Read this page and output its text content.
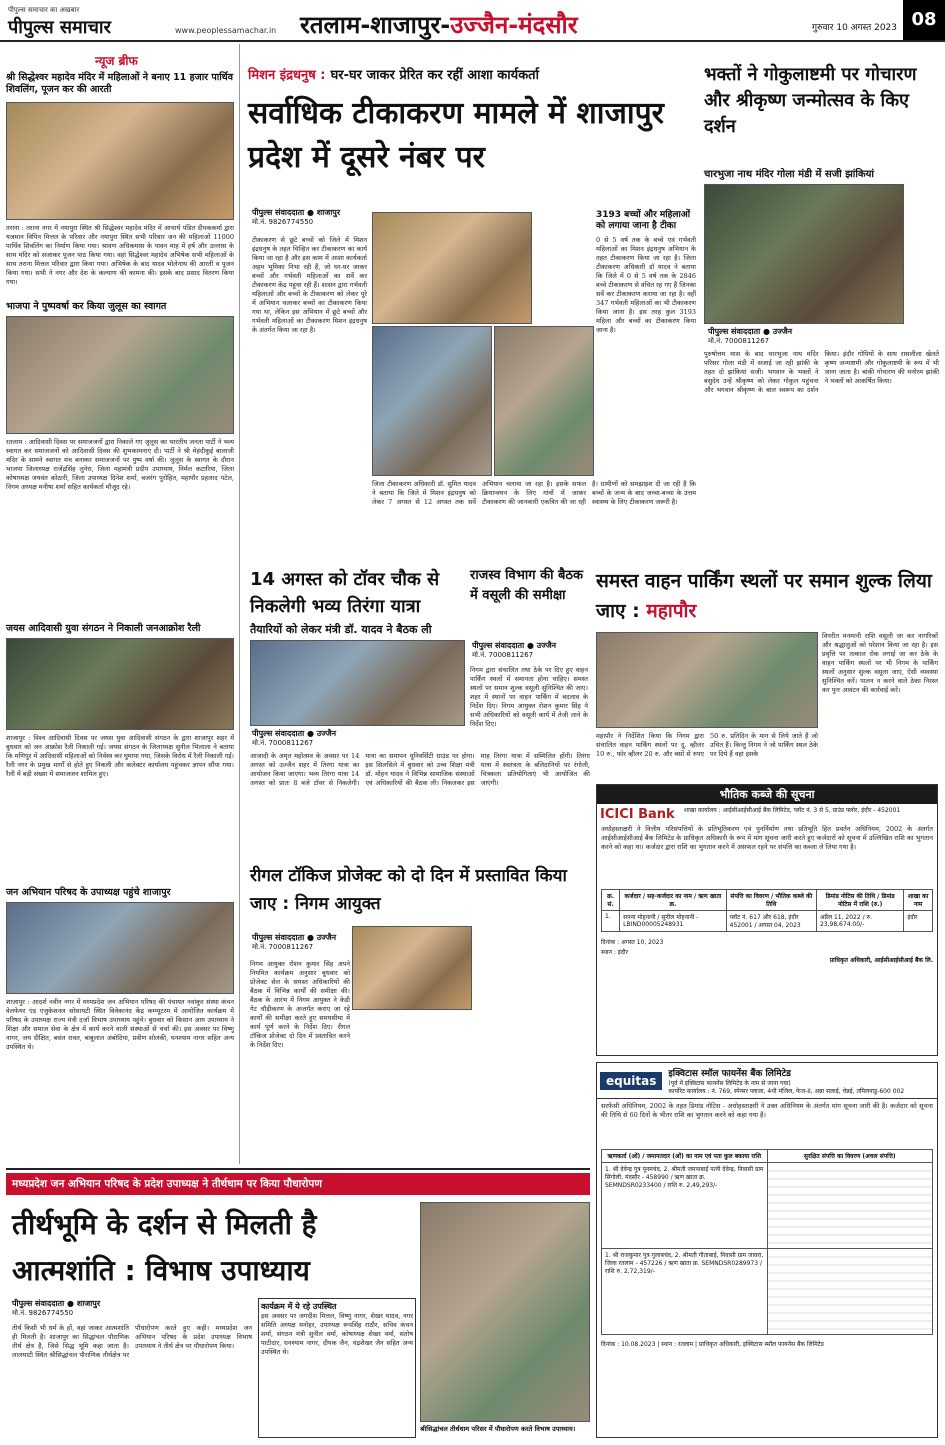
पीपुल्स समाचार का अखबार
पीपुल्स समाचार	www.peoplessamachar.in रतलाम-शाजापुर-उज्जैन-मंदसौर	गुरुवार 10 अगस्त 2023 08
न्यूज ब्रीफ
श्री सिद्धेश्वर महादेव मंदिर में महिलाओं ने बनाए 11 हजार पार्थिव शिवलिंग, पूजन कर की आरती
तराना : तराना नगर में नयापुरा स्थित श्री सिद्धेश्वर महादेव मंदिर में आचार्य पंडित दीपककर्मा द्वारा यजमान विपिन मित्तल के परिवार और नयापुरा स्थित सभी परिवार जन की महिलाओं 11000 पार्थिव शिवलिंग का निर्माण किया गया। श्रावण अधिकमास के पावन माह में हर्ष और उल्लास के साथ मंदिर को सजाकर पूजन पाठ किया गया। वहां सिद्धेश्वर महादेव अभिषेक सभी महिलाओं के साथ तराना मित्तल परिवार द्वारा किया गया। अभिषेक के बाद यादव भोलेनाथ की आरती व पूजन किया गया। सभी ने नगर और देश के कल्याण की कामना की। इसके बाद प्रसाद वितरण किया गया।
भाजपा ने पुष्पवर्षा कर किया जुलूस का स्वागत
रतलाम : आदिवासी दिवस पर समाजजनों द्वारा निकाले गए जुलूस का भारतीय जनता पार्टी ने भव्य स्वागत कर समाजजनों को आदिवासी दिवस की शुभकामनाएं दी। पार्टी ने श्री मेहंदीकुई बालाजी मंदिर के सामने स्वागत मंच बनाकर समाजजनों पर पुष्प वर्षा की। जुलूस के स्वागत के दौरान भाजपा जिलाध्यक्ष राजेंद्रसिंह लुनेरा, जिला महामंत्री प्रदीप उपाध्याय, निर्मल कटारिया, जिला कोषाध्यक्ष जयवंत कोठारी, जिला उपाध्यक्ष दिनेश शर्मा, बजरंग पुरोहित, महापौर प्रहलाद पटेल, निगम अध्यक्ष मनीषा शर्मा सहित कार्यकर्ता मौजूद रहे।
जयस आदिवासी युवा संगठन ने निकाली जनआक्रोश रैली
शाजापुर : विश्व आदिवासी दिवस पर जयस युवा आदिवासी संगठन के द्वारा शाजापुर शहर में बुधवार को जन आक्रोश रैली निकाली गई। जयस संगठन के जिलाध्यक्ष सुनील भिलाला ने बताया कि मणिपुर में आदिवासी महिलाओं को निर्वस्त्र कर घुमाया गया, जिसके विरोध में रैली निकाली गई। रैली नगर के प्रमुख मार्गों से होते हुए निकली और कलेक्टर कार्यालय पहुंचकर ज्ञापन सौंपा गया। रैली में बड़ी संख्या में समाजजन शामिल हुए।
जन अभियान परिषद के उपाध्यक्ष पहुंचे शाजापुर
शाजापुर : आदर्श नवीन नगर में मध्यप्रदेश जन अभियान परिषद की पंचायत नवांकुर संस्था कंचन वेलफेयर एंड एजुकेशनल सोसायटी स्थित विवेकानंद केंद्र कम्प्यूटरम में आयोजित कार्यक्रम में परिषद के उपाध्यक्ष राज्य मंत्री दर्जा विभाष उपाध्याय पहुंचे। बुधवार को किसान आय उपाध्याय ने शिक्षा और समाज सेवा के क्षेत्र में कार्य करने वाली संस्थाओं से चर्चा की। इस अवसर पर विष्णु नागर, जय दीक्षित, बसंत रावत, बाबूलाल अंबोदिया, प्रवीण सोलंकी, घनश्याम नागर सहित अन्य उपस्थित थे।
मिशन इंद्रधनुष : घर-घर जाकर प्रेरित कर रहीं आशा कार्यकर्ता
सर्वाधिक टीकाकरण मामले में शाजापुर प्रदेश में दूसरे नंबर पर
पीपुल्स संवाददाता ● शाजापुर
मो.नं. 9826774550
टीकाकरण से छूटे बच्चों को जिले में मिशन इंद्रधनुष के तहत चिन्हित कर टीकाकरण का कार्य किया जा रहा है और इस काम में आशा कार्यकर्ता अहम भूमिका निभा रही हैं, जो घर-घर जाकर बच्चों और गर्भवती महिलाओं का सर्वे कर टीकाकरण केंद्र पहुंचा रही हैं। शासन द्वारा गर्भवती महिलाओं और बच्चों के टीकाकरण को लेकर पूरे में अभियान चलाकर बच्चों का टीकाकरण किया गया था, लेकिन इस अभियान में छूटे बच्चों और गर्भवती महिलाओं का टीकाकरण मिशन इंद्रधनुष के अंतर्गत किया जा रहा है।
3193 बच्चों और महिलाओं को लगाया जाना है टीका
0 से 5 वर्ष तक के बच्चे एवं गर्भवती महिलाओं का मिशन इंद्रधनुष अभियान के तहत टीकाकरण किया जा रहा है। जिला टीकाकरण अधिकारी डॉ यादव ने बताया कि जिले में 0 से 5 वर्ष तक के 2846 बच्चे टीकाकरण से वंचित रह गए हैं जिनका सर्वे कर टीकाकरण कराया जा रहा है। वहीं 347 गर्भवती महिलाओं का भी टीकाकरण किया जाना है। इस तरह कुल 3193 महिला और बच्चों का टीकाकरण किया जाना है।
जिला टीकाकरण अधिकारी डॉ. सुमित यादव ने बताया कि जिले में मिशन इंद्रधनुष को लेकर 7 अगस्त से 12 अगस्त तक सर्वे अभियान चलाया जा रहा है। इसके सफल क्रियान्वयन के लिए गांवों में जाकर टीकाकरण की जानकारी एकत्रित की जा रही है। ग्रामीणों को समझाइश दी जा रही है कि बच्चों के जन्म के बाद जच्चा-बच्चा के उत्तम स्वास्थ्य के लिए टीकाकरण जरूरी है।
भक्तों ने गोकुलाष्टमी पर गोचारण और श्रीकृष्ण जन्मोत्सव के किए दर्शन
चारभुजा नाथ मंदिर गोला मंडी में सजी झांकियां
पीपुल्स संवाददाता ● उज्जैन
मो.नं. 7000811267
पुरुषोत्तम मास के बाद चारभुजा नाथ मंदिर परिसर गोला मंडी में सजाई जा रही झांकी के तहत दो झांकियां सजी। भगवान के भक्तों ने बसुदेव उन्हें श्रीकृष्ण को लेकर गोकुल पहुंचना और भगवान श्रीकृष्ण के बाल स्वरूप का दर्शन किया। इंदौर गोपियों के साथ रासलीला खेलते कृष्ण जन्माष्टमी और गोकुलाष्टमी के रूप में भी जाना जाता है। बांकी गोचारण की मनोरम झांकी ने भक्तों को आकर्षित किया।
14 अगस्त को टॉवर चौक से निकलेगी भव्य तिरंगा यात्रा
तैयारियों को लेकर मंत्री डॉ. यादव ने बैठक ली
पीपुल्स संवाददाता ● उज्जैन
मो.नं. 7000811267
आजादी के अमृत महोत्सव के अवसर पर 14 अगस्त को उज्जैन शहर में तिरंगा यात्रा का आयोजन किया जाएगा। भव्य तिरंगा यात्रा 14 अगस्त को प्रातः 8 बजे टॉवर से निकलेगी। यात्रा का समापन यूनिवर्सिटी ग्राउंड पर होगा। इस सिलसिले में बुधवार को उच्च शिक्षा मंत्री डॉ. मोहन यादव ने विभिन्न सामाजिक संस्थाओं एवं अधिकारियों की बैठक ली। निकलकर इस माह तिरंगा यात्रा में सम्मिलित होंगी। तिरंगा यात्रा में स्वतंत्रता के बलिदानियों पर रंगोली, चित्रकला प्रतियोगिताएं भी आयोजित की जाएंगी।
राजस्व विभाग की बैठक में वसूली की समीक्षा
पीपुल्स संवाददाता ● उज्जैन
मो.नं. 7000811267
निगम द्वारा संचालित तथा ठेके पर दिए हुए वाहन पार्किंग स्थलों में समानता होना चाहिए। समस्त स्थलों पर समान शुल्क वसूली सुनिश्चित की जाए। शहर में स्थानों पर वाहन पार्किंग में बदलाव के निर्देश दिए। निगम आयुक्त रोशन कुमार सिंह ने सभी अधिकारियों को वसूली कार्य में तेजी लाने के निर्देश दिए।
समस्त वाहन पार्किंग स्थलों पर समान शुल्क लिया जाए : महापौर
महापौर ने निर्देशित किया कि निगम द्वारा संचालित वाहन पार्किंग स्थलों पर दू. व्हीलर 10 रु., फोर व्हीलर 20 रु. और बसों से रुपए 50 रु. प्रतिदिन के मान से लिये जाते हैं जो उचित हैं। किन्तु निगम ने जो पार्किंग स्थल ठेके पर दिये हैं वहां इसके
विपरीत मनमानी राशि वसूली जा कर नागरिकों और श्रद्धालुओं को परेशान किया जा रहा है। इस प्रवृत्ति पर तत्काल रोक लगाई जा कर ठेके के वाहन पार्किंग स्थलों पर भी निगम के पार्किंग स्थलों अनुसार शुल्क वसूला जाए, ऐसी व्यवस्था सुनिश्चित करें। पालन न करने वाले ठेका निरस्त कर पुनः आवंटन की कार्रवाई करें।
रीगल टॉकिज प्रोजेक्ट को दो दिन में प्रस्तावित किया जाए : निगम आयुक्त
पीपुल्स संवाददाता ● उज्जैन
मो.नं. 7000811267
निगम आयुक्त रोशन कुमार सिंह अपने नियमित कार्यक्रम अनुसार बुधवार को प्रोजेक्ट सेल के समस्त अधिकारियों की बैठक में विभिन्न कार्यों की समीक्षा की। बैठक के आरंभ में निगम आयुक्त ने केडी गेट चौड़ीकरण के अन्तर्गत कराए जा रहे कार्यों की समीक्षा करते हुए समयसीमा में कार्य पूर्ण करने के निर्देश दिए। रीगल टॉकिज प्रोजेक्ट दो दिन में प्रस्तावित करने के निर्देश दिए।
भौतिक कब्जे की सूचना
ICICI Bank	शाखा कार्यालय : आईसीआईसीआई बैंक लिमिटेड, प्लॉट नं. 3 से 5, ग्राउंड फ्लोर, इंदौर - 452001
अधोहस्ताक्षरी ने वित्तीय परिसंपत्तियों के प्रतिभूतिकरण एवं पुनर्निर्माण तथा प्रतिभूति हित प्रवर्तन अधिनियम, 2002 के अंतर्गत आईसीआईसीआई बैंक लिमिटेड के प्राधिकृत अधिकारी के रूप में मांग सूचना जारी करते हुए कर्जदारों को सूचना में उल्लिखित राशि का भुगतान करने को कहा था। कर्जदार द्वारा राशि का भुगतान करने में असफल रहने पर संपत्ति का कब्जा ले लिया गया है।
क्र. सं.	कर्जदार / सह-कर्जदार का नाम / ऋण खाता क्र.	संपत्ति का विवरण / भौतिक कब्जे की तिथि	डिमांड नोटिस की तिथि / डिमांड नोटिस में राशि (रु.)	शाखा का नाम
1.	सपना मोहनानी / सुनील मोहनानी - LBIND00005248931	प्लॉट नं. 617 और 618, इंदौर 452001 / अगस्त 04, 2023	अप्रैल 11, 2022 / रु. 23,98,674.00/-	इंदौर
दिनांक : अगस्त 10, 2023
स्थान : इंदौर
प्राधिकृत अधिकारी, आईसीआईसीआई बैंक लि.
equitas	इक्विटास स्मॉल फायनेंस बैंक लिमिटेड
(पूर्व में इक्विटास फायनेंस लिमिटेड के नाम से जाना गया)
कार्पोरेट कार्यालय : नं. 769, स्पेन्सर प्लाजा, 4थी मंजिल, फेज-II, अन्ना सलाई, चेन्नई, तमिलनाडु-600 002
सरफेसी अधिनियम, 2002 के तहत डिमांड नोटिस - अधोहस्ताक्षरी ने उक्त अधिनियम के अंतर्गत मांग सूचना जारी की है। कर्जदार को सूचना की तिथि से 60 दिनों के भीतर राशि का भुगतान करने को कहा गया है।
ऋणकर्ता (ओं) / जमानतदार (ओं) का नाम एवं पता कुल बकाया राशि	सुरक्षित संपत्ति का विवरण (अचल संपत्ति)
1. श्री देवेन्द्र पुत्र पूनमचंद, 2. श्रीमती जमनाबाई पत्नी देवेन्द्र, निवासी ग्राम सिंगोली, मंदसौर - 458990 / ऋण खाता क्र. SEMNDSR0233400 / राशि रु. 2,49,293/-	
1. श्री राजकुमार पुत्र गुलाबचंद, 2. श्रीमती गीताबाई, निवासी ग्राम जावरा, जिला रतलाम - 457226 / ऋण खाता क्र. SEMNDSR0289973 / राशि रु. 2,72,319/-	
दिनांक : 10.08.2023 | स्थान : रतलाम | प्राधिकृत अधिकारी, इक्विटास स्मॉल फायनेंस बैंक लिमिटेड
मध्यप्रदेश जन अभियान परिषद के प्रदेश उपाध्यक्ष ने तीर्थधाम पर किया पौधारोपण
तीर्थभूमि के दर्शन से मिलती है आत्मशांति : विभाष उपाध्याय
पीपुल्स संवाददाता ● शाजापुर
मो.नं. 9826774550
तीर्थ किसी भी धर्म के हों, वहां जाकर आत्मशांति ही मिलती है। शाजापुर का सिद्धांचल पौराणिक तीर्थ क्षेत्र है, जिसे सिद्ध भूमि कहा जाता है। लालघाटी स्थित श्रीसिद्धांचल पौराणिक तीर्थक्षेत्र पर पौधारोपण करते हुए कही। मध्यप्रदेश जन अभियान परिषद के प्रदेश उपाध्यक्ष विभाष उपाध्याय ने तीर्थ क्षेत्र पर पौधारोपण किया।
कार्यक्रम में ये रहे उपस्थित
इस अवसर पर जगदीश मित्तल, विष्णु नागर, शेखर यादव, नगर समिति अध्यक्ष मनोहर, उपाध्यक्ष रूपसिंह राठौर, सचिव कंचन शर्मा, संगठन मंत्री सुनील वर्मा, कोषाध्यक्ष शेखर वर्मा, संतोष पाटीदार, धनश्याम नागर, दीपक जैन, चंद्रशेखर जैन सहित अन्य उपस्थित थे।
श्रीसिद्धांचल तीर्थधाम परिसर में पौधारोपण करते विभाष उपाध्याय।
